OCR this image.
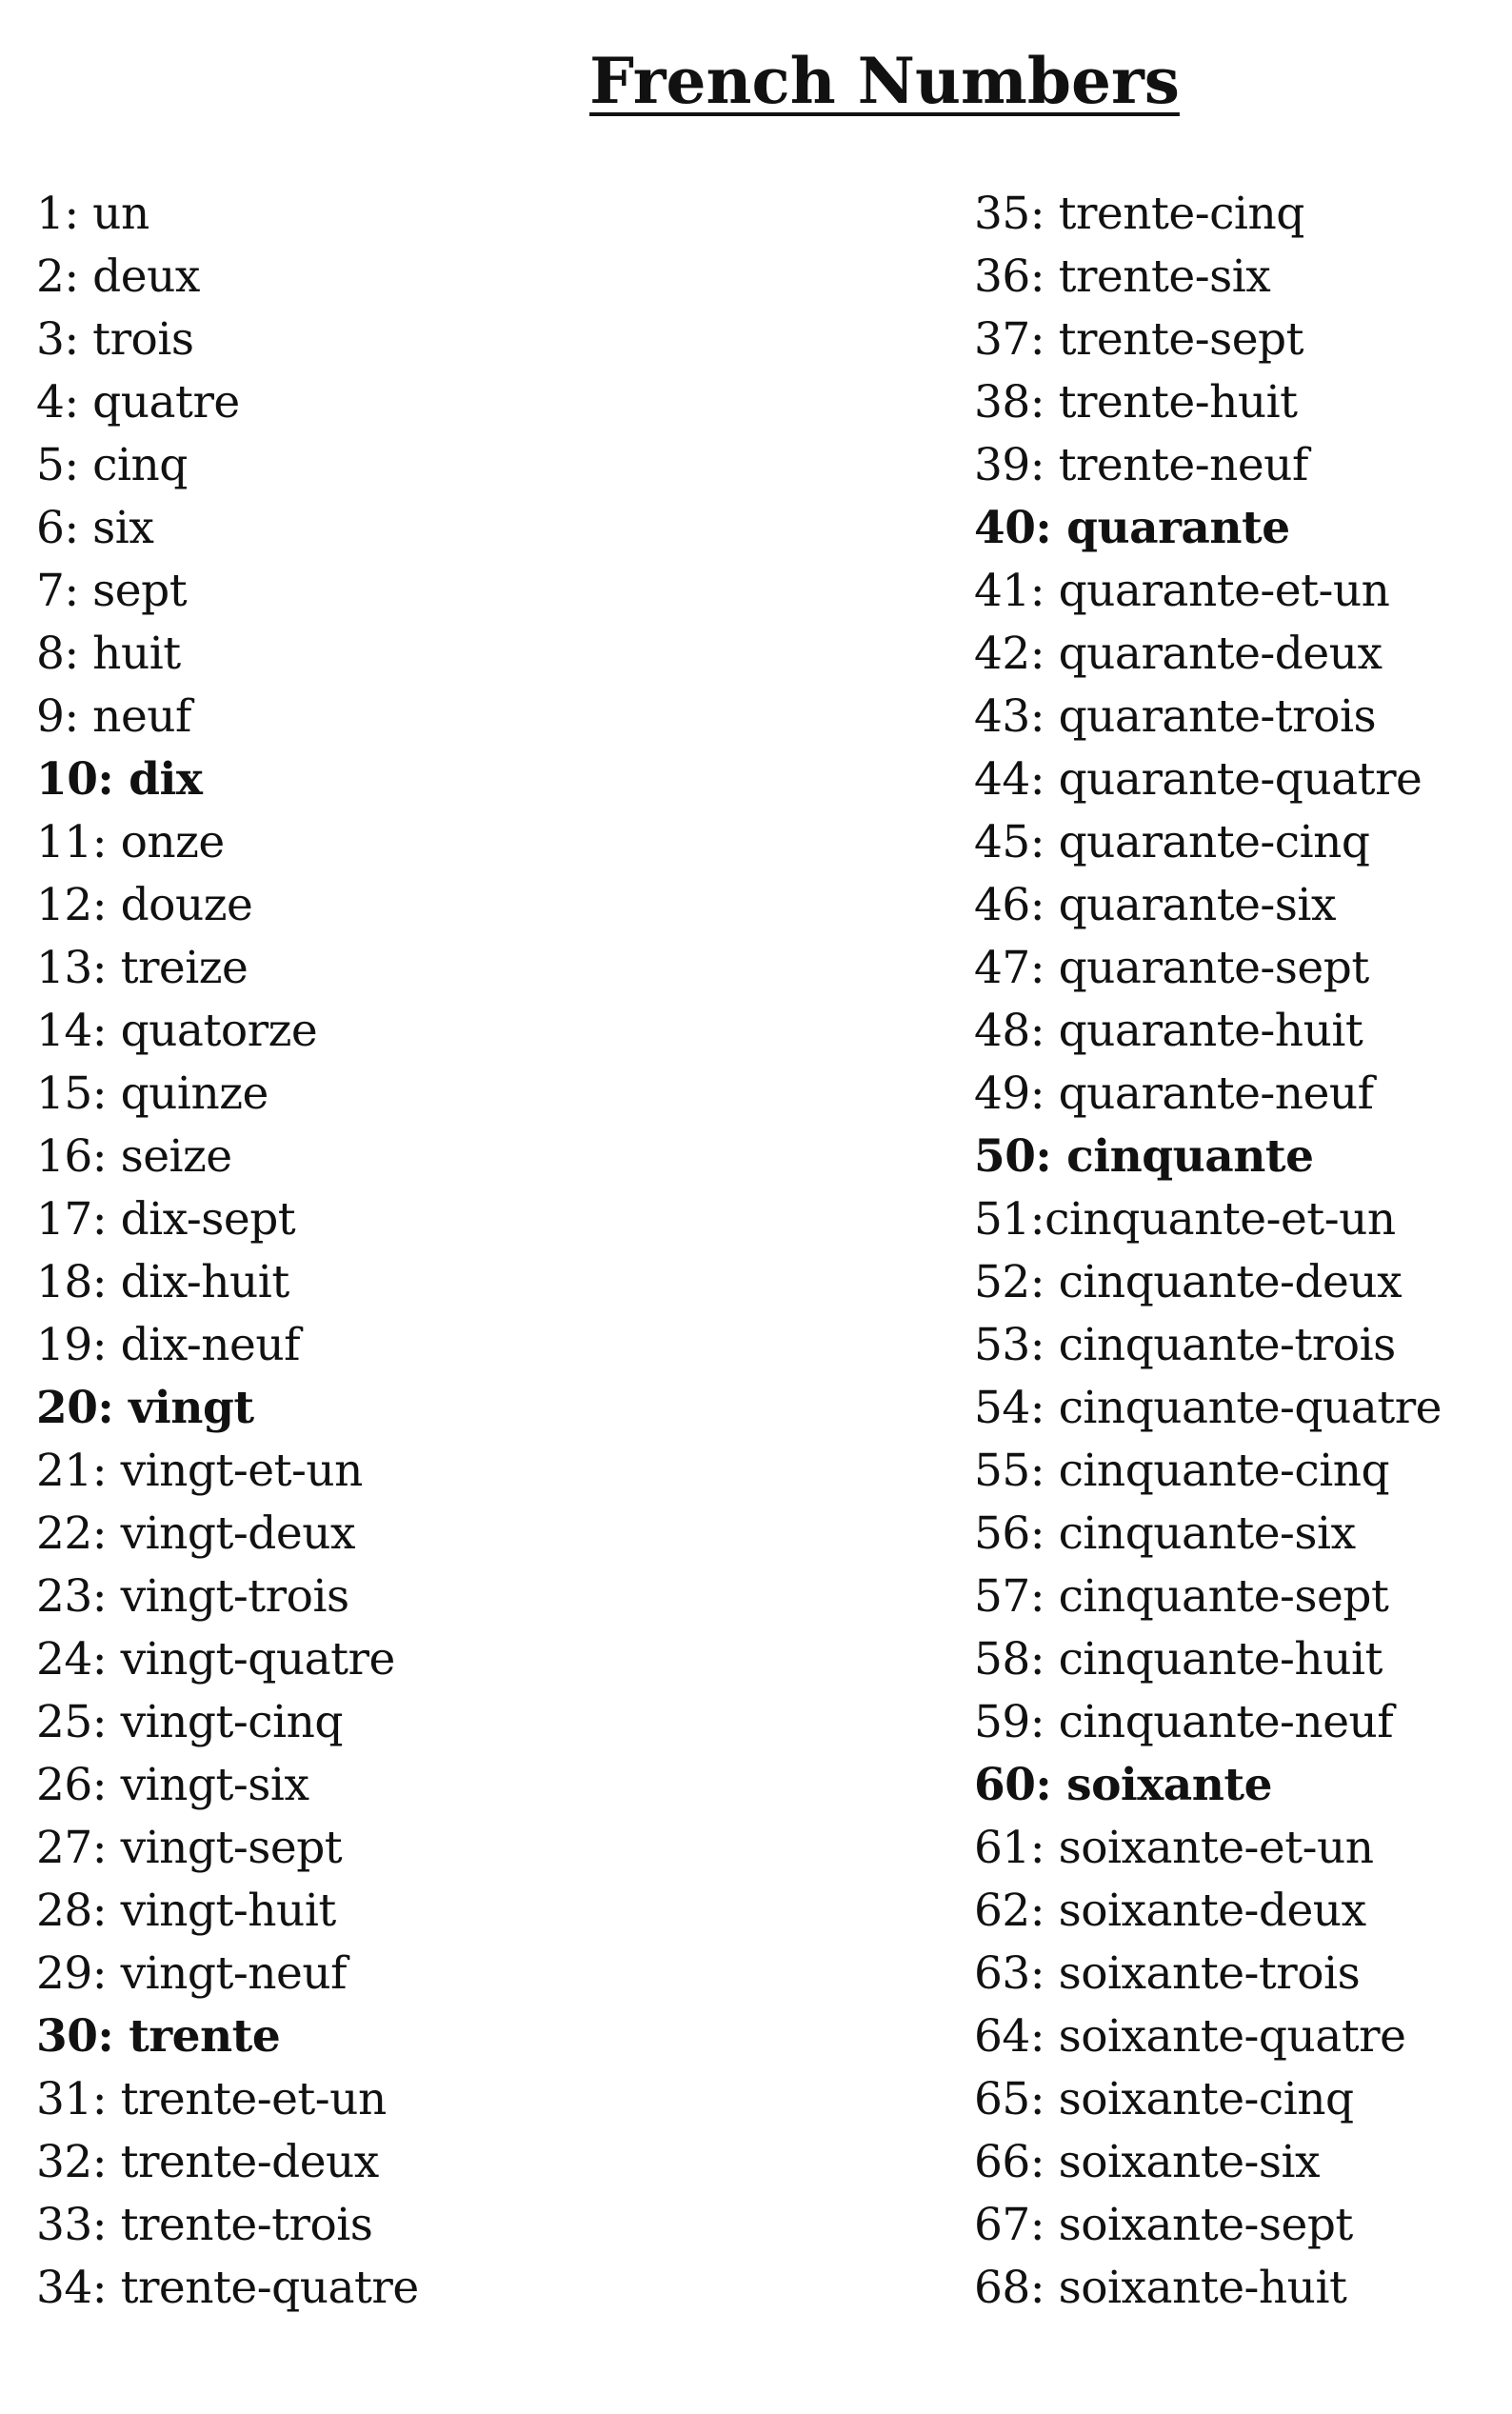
French Numbers
1: un
2: deux
3: trois
4: quatre
5: cinq
6: six
7: sept
8: huit
9: neuf
10: dix
11: onze
12: douze
13: treize
14: quatorze
15: quinze
16: seize
17: dix-sept
18: dix-huit
19: dix-neuf
20: vingt
21: vingt-et-un
22: vingt-deux
23: vingt-trois
24: vingt-quatre
25: vingt-cinq
26: vingt-six
27: vingt-sept
28: vingt-huit
29: vingt-neuf
30: trente
31: trente-et-un
32: trente-deux
33: trente-trois
34: trente-quatre
35: trente-cinq
36: trente-six
37: trente-sept
38: trente-huit
39: trente-neuf
40: quarante
41: quarante-et-un
42: quarante-deux
43: quarante-trois
44: quarante-quatre
45: quarante-cinq
46: quarante-six
47: quarante-sept
48: quarante-huit
49: quarante-neuf
50: cinquante
51:cinquante-et-un
52: cinquante-deux
53: cinquante-trois
54: cinquante-quatre
55: cinquante-cinq
56: cinquante-six
57: cinquante-sept
58: cinquante-huit
59: cinquante-neuf
60: soixante
61: soixante-et-un
62: soixante-deux
63: soixante-trois
64: soixante-quatre
65: soixante-cinq
66: soixante-six
67: soixante-sept
68: soixante-huit
